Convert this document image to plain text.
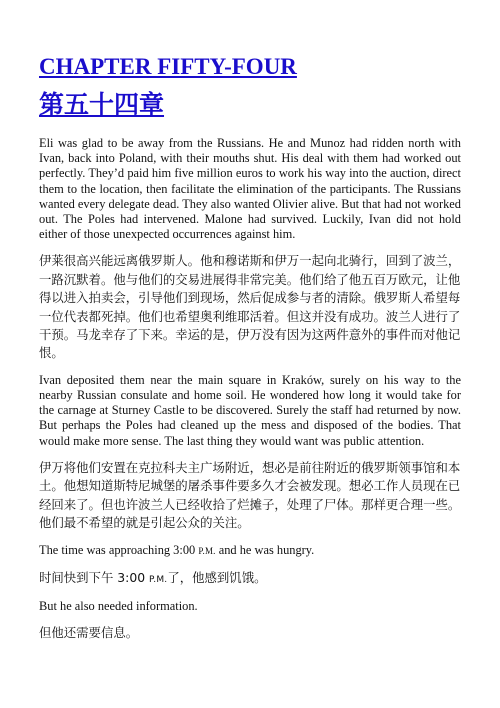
CHAPTER FIFTY-FOUR
第五十四章

Eli was glad to be away from the Russians. He and Munoz had ridden north with Ivan, back into Poland, with their mouths shut. His deal with them had worked out perfectly. They’d paid him five million euros to work his way into the auction, direct them to the location, then facilitate the elimination of the participants. The Russians wanted every delegate dead. They also wanted Olivier alive. But that had not worked out. The Poles had intervened. Malone had survived. Luckily, Ivan did not hold either of those unexpected occurrences against him.

伊莱很高兴能远离俄罗斯人。他和穆诺斯和伊万一起向北骑行，回到了波兰，一路沉默着。他与他们的交易进展得非常完美。他们给了他五百万欧元，让他得以进入拍卖会，引导他们到现场，然后促成参与者的清除。俄罗斯人希望每一位代表都死掉。他们也希望奥利维耶活着。但这并没有成功。波兰人进行了干预。马龙幸存了下来。幸运的是，伊万没有因为这两件意外的事件而对他记恨。

Ivan deposited them near the main square in Kraków, surely on his way to the nearby Russian consulate and home soil. He wondered how long it would take for the carnage at Sturney Castle to be discovered. Surely the staff had returned by now. But perhaps the Poles had cleaned up the mess and disposed of the bodies. That would make more sense. The last thing they would want was public attention.

伊万将他们安置在克拉科夫主广场附近，想必是前往附近的俄罗斯领事馆和本土。他想知道斯特尼城堡的屠杀事件要多久才会被发现。想必工作人员现在已经回来了。但也许波兰人已经收拾了烂摊子，处理了尸体。那样更合理一些。他们最不希望的就是引起公众的关注。

The time was approaching 3:00 P.M. and he was hungry.

时间快到下午 3:00 P.M.了，他感到饥饿。

But he also needed information.

但他还需要信息。
